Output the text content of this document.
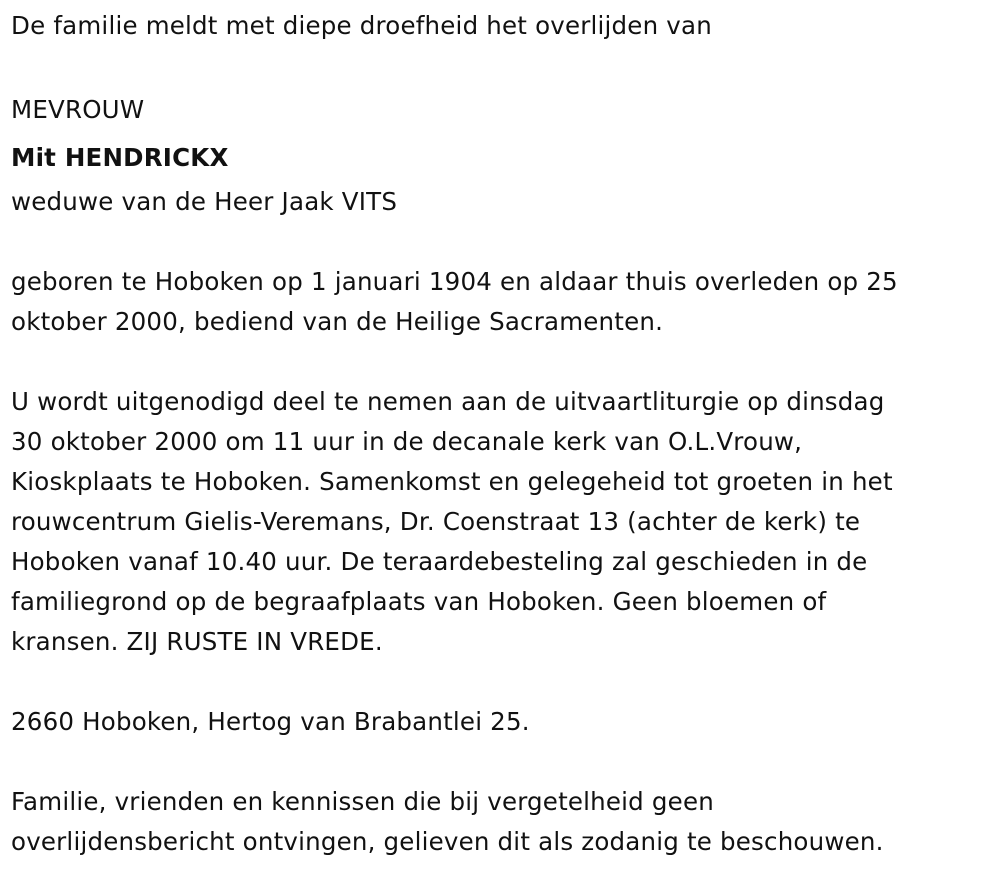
De familie meldt met diepe droefheid het overlijden van

MEVROUW

Mit HENDRICKX

weduwe van de Heer Jaak VITS

geboren te Hoboken op 1 januari 1904 en aldaar thuis overleden op 25

oktober 2000, bediend van de Heilige Sacramenten.

U wordt uitgenodigd deel te nemen aan de uitvaartliturgie op dinsdag

30 oktober 2000 om 11 uur in de decanale kerk van O.L.Vrouw,

Kioskplaats te Hoboken. Samenkomst en gelegeheid tot groeten in het

rouwcentrum Gielis-Veremans, Dr. Coenstraat 13 (achter de kerk) te

Hoboken vanaf 10.40 uur. De teraardebesteling zal geschieden in de

familiegrond op de begraafplaats van Hoboken. Geen bloemen of

kransen. ZIJ RUSTE IN VREDE.

2660 Hoboken, Hertog van Brabantlei 25.

Familie, vrienden en kennissen die bij vergetelheid geen

overlijdensbericht ontvingen, gelieven dit als zodanig te beschouwen.
